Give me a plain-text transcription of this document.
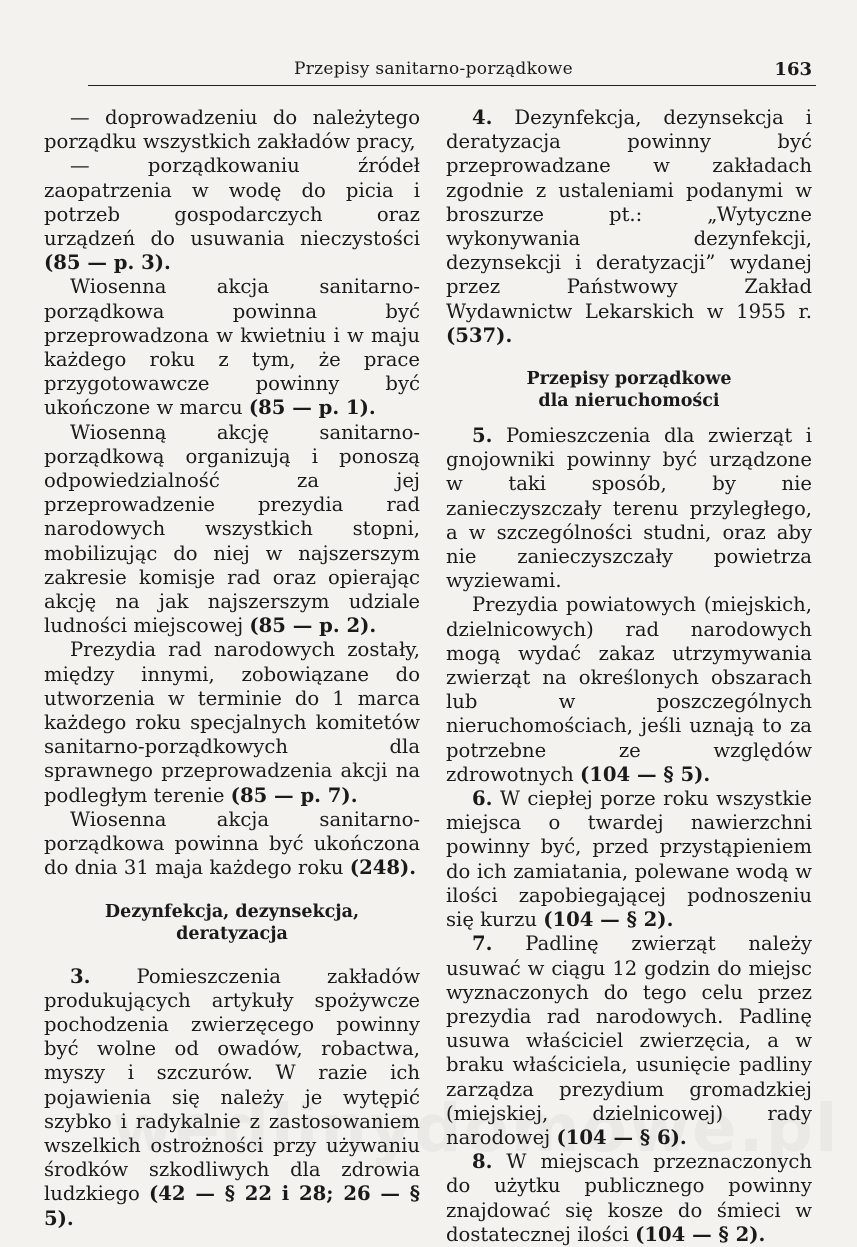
Przepisy sanitarno-porządkowe	163

— doprowadzeniu do należytego porządku wszystkich zakładów pracy,

— porządkowaniu źródeł zaopatrzenia w wodę do picia i potrzeb gospodarczych oraz urządzeń do usuwania nieczystości (85 — p. 3).

Wiosenna akcja sanitarno-porządkowa powinna być przeprowadzona w kwietniu i w maju każdego roku z tym, że prace przygotowawcze powinny być ukończone w marcu (85 — p. 1).

Wiosenną akcję sanitarno-porządkową organizują i ponoszą odpowiedzialność za jej przeprowadzenie prezydia rad narodowych wszystkich stopni, mobilizując do niej w najszerszym zakresie komisje rad oraz opierając akcję na jak najszerszym udziale ludności miejscowej (85 — p. 2).

Prezydia rad narodowych zostały, między innymi, zobowiązane do utworzenia w terminie do 1 marca każdego roku specjalnych komitetów sanitarno-porządkowych dla sprawnego przeprowadzenia akcji na podległym terenie (85 — p. 7).

Wiosenna akcja sanitarno-porządkowa powinna być ukończona do dnia 31 maja każdego roku (248).

Dezynfekcja, dezynsekcja,
deratyzacja

3. Pomieszczenia zakładów produkujących artykuły spożywcze pochodzenia zwierzęcego powinny być wolne od owadów, robactwa, myszy i szczurów. W razie ich pojawienia się należy je wytępić szybko i radykalnie z zastosowaniem wszelkich ostrożności przy używaniu środków szkodliwych dla zdrowia ludzkiego (42 — § 22 i 28; 26 — § 5).

4. Dezynfekcja, dezynsekcja i deratyzacja powinny być przeprowadzane w zakładach zgodnie z ustaleniami podanymi w broszurze pt.: „Wytyczne wykonywania dezynfekcji, dezynsekcji i deratyzacji” wydanej przez Państwowy Zakład Wydawnictw Lekarskich w 1955 r. (537).

Przepisy porządkowe
dla nieruchomości

5. Pomieszczenia dla zwierząt i gnojowniki powinny być urządzone w taki sposób, by nie zanieczyszczały terenu przyległego, a w szczególności studni, oraz aby nie zanieczyszczały powietrza wyziewami.

Prezydia powiatowych (miejskich, dzielnicowych) rad narodowych mogą wydać zakaz utrzymywania zwierząt na określonych obszarach lub w poszczególnych nieruchomościach, jeśli uznają to za potrzebne ze względów zdrowotnych (104 — § 5).

6. W ciepłej porze roku wszystkie miejsca o twardej nawierzchni powinny być, przed przystąpieniem do ich zamiatania, polewane wodą w ilości zapobiegającej podnoszeniu się kurzu (104 — § 2).

7. Padlinę zwierząt należy usuwać w ciągu 12 godzin do miejsc wyznaczonych do tego celu przez prezydia rad narodowych. Padlinę usuwa właściciel zwierzęcia, a w braku właściciela, usunięcie padliny zarządza prezydium gromadzkiej (miejskiej, dzielnicowej) rady narodowej (104 — § 6).

8. W miejscach przeznaczonych do użytku publicznego powinny znajdować się kosze do śmieci w dostatecznej ilości (104 — § 2).
